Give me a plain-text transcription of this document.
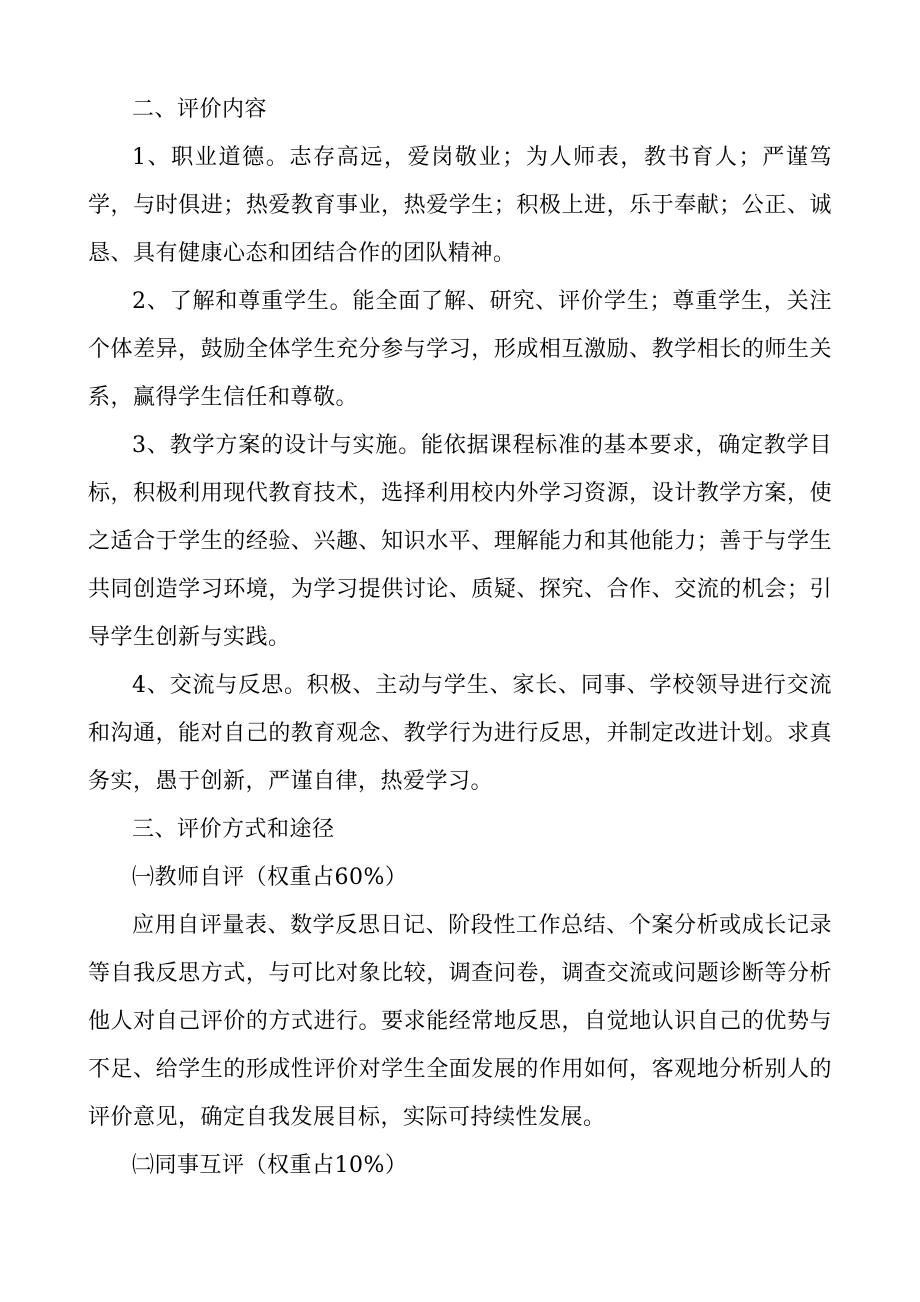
二、评价内容

1、职业道德。志存高远，爱岗敬业；为人师表，教书育人；严谨笃学，与时俱进；热爱教育事业，热爱学生；积极上进，乐于奉献；公正、诚恳、具有健康心态和团结合作的团队精神。

2、了解和尊重学生。能全面了解、研究、评价学生；尊重学生，关注个体差异，鼓励全体学生充分参与学习，形成相互激励、教学相长的师生关系，赢得学生信任和尊敬。

3、教学方案的设计与实施。能依据课程标准的基本要求，确定教学目标，积极利用现代教育技术，选择利用校内外学习资源，设计教学方案，使之适合于学生的经验、兴趣、知识水平、理解能力和其他能力；善于与学生共同创造学习环境，为学习提供讨论、质疑、探究、合作、交流的机会；引导学生创新与实践。

4、交流与反思。积极、主动与学生、家长、同事、学校领导进行交流和沟通，能对自己的教育观念、教学行为进行反思，并制定改进计划。求真务实，愚于创新，严谨自律，热爱学习。

三、评价方式和途径

㈠教师自评（权重占60%）

应用自评量表、数学反思日记、阶段性工作总结、个案分析或成长记录等自我反思方式，与可比对象比较，调查问卷，调查交流或问题诊断等分析他人对自己评价的方式进行。要求能经常地反思，自觉地认识自己的优势与不足、给学生的形成性评价对学生全面发展的作用如何，客观地分析别人的评价意见，确定自我发展目标，实际可持续性发展。

㈡同事互评（权重占10%）
